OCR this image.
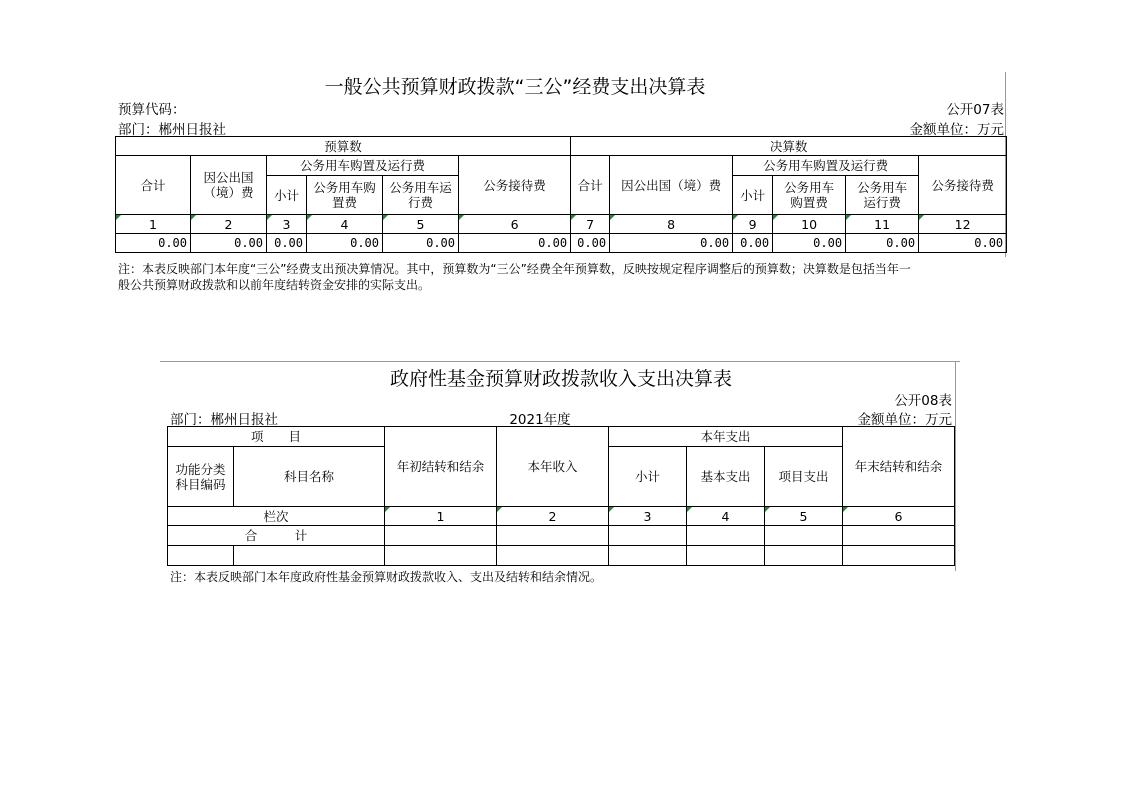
一般公共预算财政拨款“三公”经费支出决算表
预算代码：	公开07表
部门：郴州日报社	金额单位：万元
预算数						决算数					
合计	因公出国（境）费	公务用车购置及运行费			公务接待费	合计	因公出国（境）费	公务用车购置及运行费			公务接待费
		小计	公务用车购置费	公务用车运行费				小计	公务用车购置费	公务用车运行费	
1	2	3	4	5	6	7	8	9	10	11	12
0.00	0.00	0.00	0.00	0.00	0.00	0.00	0.00	0.00	0.00	0.00	0.00
注：本表反映部门本年度“三公”经费支出预决算情况。其中，预算数为“三公”经费全年预算数，反映按规定程序调整后的预算数；决算数是包括当年一
般公共预算财政拨款和以前年度结转资金安排的实际支出。
政府性基金预算财政拨款收入支出决算表
公开08表
部门：郴州日报社	2021年度	金额单位：万元
项　　目		年初结转和结余	本年收入	本年支出			年末结转和结余
功能分类科目编码	科目名称			小计	基本支出	项目支出	
栏次		1	2	3	4	5	6
合　　　计							

注：本表反映部门本年度政府性基金预算财政拨款收入、支出及结转和结余情况。
